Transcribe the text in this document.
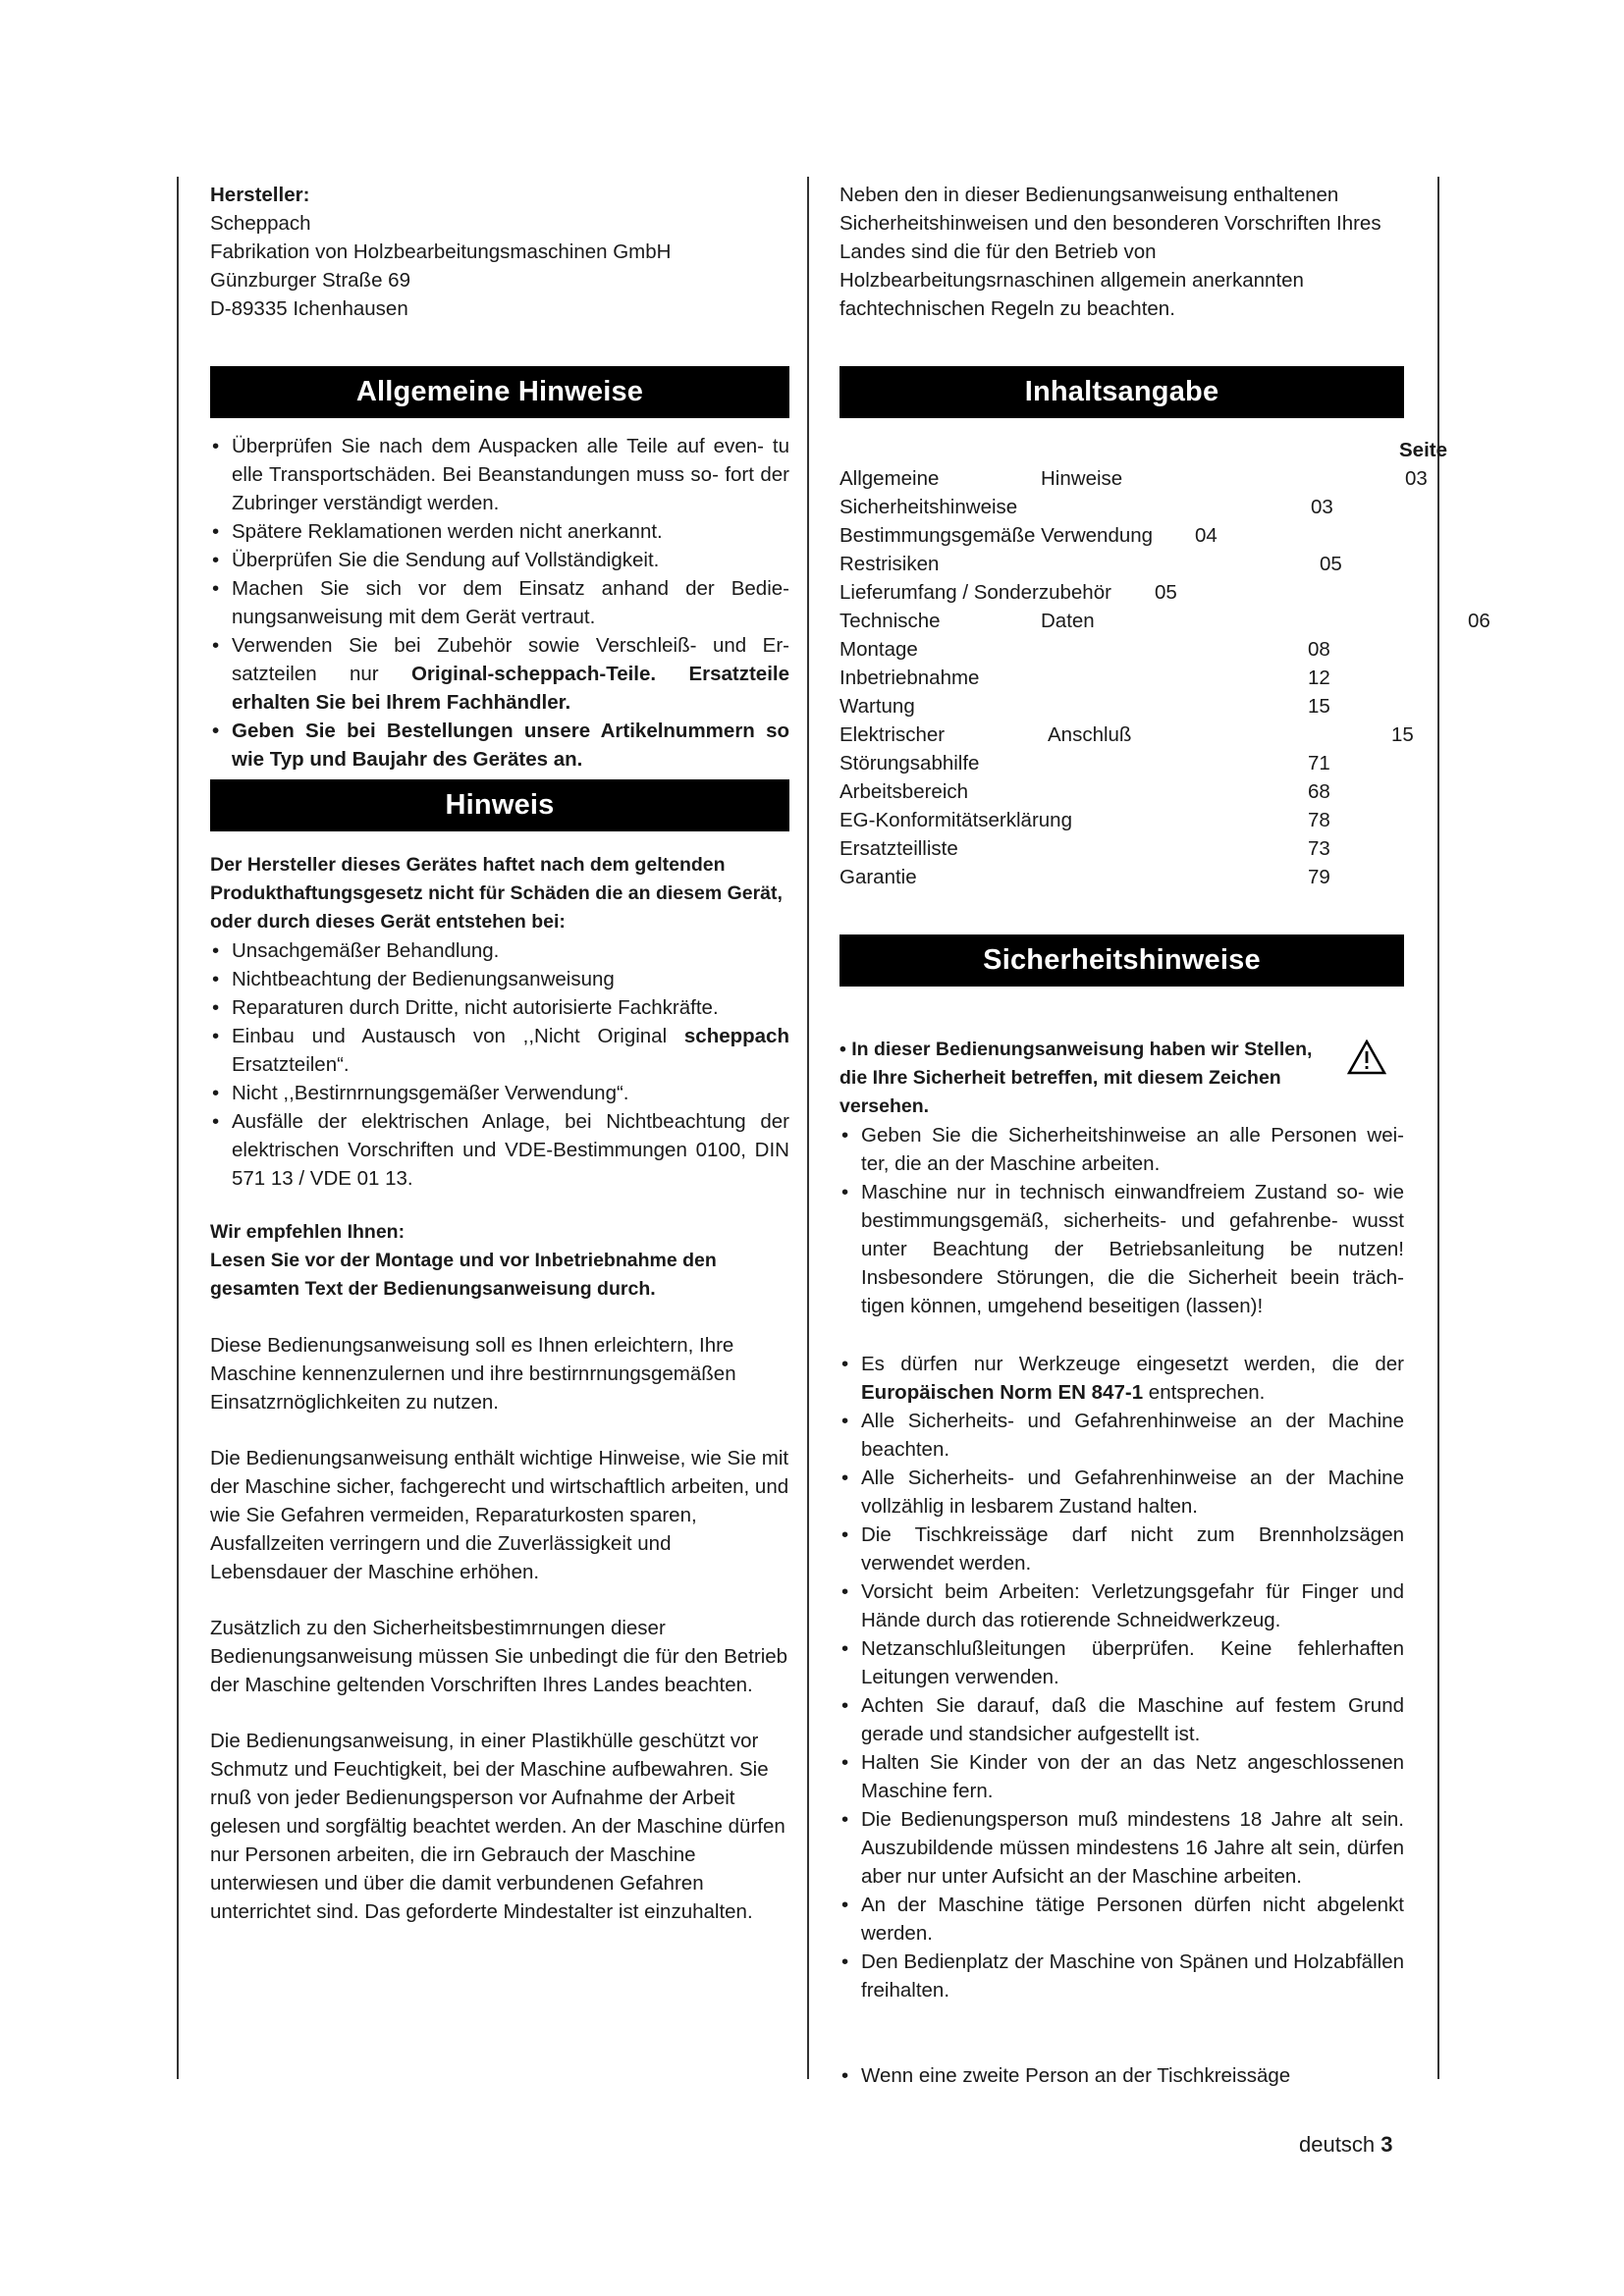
Hersteller:
Scheppach
Fabrikation von Holzbearbeitungsmaschinen GmbH
Günzburger Straße 69
D-89335 Ichenhausen
Allgemeine Hinweise
• Überprüfen Sie nach dem Auspacken alle Teile auf even- tu elle Transportschäden. Bei Beanstandungen muss so- fort der Zubringer verständigt werden.
• Spätere Reklamationen werden nicht anerkannt.
• Überprüfen Sie die Sendung auf Vollständigkeit.
• Machen Sie sich vor dem Einsatz anhand der Bedie- nungsanweisung mit dem Gerät vertraut.
• Verwenden Sie bei Zubehör sowie Verschleiß- und Er- satzteilen nur Original-scheppach-Teile. Ersatzteile erhalten Sie bei Ihrem Fachhändler.
• Geben Sie bei Bestellungen unsere Artikelnummern so wie Typ und Baujahr des Gerätes an.
Hinweis

Der Hersteller dieses Gerätes haftet nach dem geltenden Produkthaftungsgesetz nicht für Schäden die an diesem Gerät, oder durch dieses Gerät entstehen bei:

• Unsachgemäßer Behandlung.
• Nichtbeachtung der Bedienungsanweisung
• Reparaturen durch Dritte, nicht autorisierte Fachkräfte.
• Einbau und Austausch von ,,Nicht Original scheppach Ersatzteilen“.
• Nicht ,,Bestirnrnungsgemäßer Verwendung“.
• Ausfälle der elektrischen Anlage, bei Nichtbeachtung der elektrischen Vorschriften und VDE-Bestimmungen 0100, DIN 571 13 / VDE 01 13.

Wir empfehlen Ihnen:

Lesen Sie vor der Montage und vor Inbetriebnahme den gesamten Text der Bedienungsanweisung durch.

Diese Bedienungsanweisung soll es Ihnen erleichtern, Ihre Maschine kennenzulernen und ihre bestirnrnungsgemäßen Einsatzrnöglichkeiten zu nutzen.

Die Bedienungsanweisung enthält wichtige Hinweise, wie Sie mit der Maschine sicher, fachgerecht und wirtschaftlich arbeiten, und wie Sie Gefahren vermeiden, Reparaturkosten sparen, Ausfallzeiten verringern und die Zuverlässigkeit und Lebensdauer der Maschine erhöhen.

Zusätzlich zu den Sicherheitsbestimrnungen dieser Bedienungsanweisung müssen Sie unbedingt die für den Betrieb der Maschine geltenden Vorschriften Ihres Landes beachten.

Die Bedienungsanweisung, in einer Plastikhülle geschützt vor Schmutz und Feuchtigkeit, bei der Maschine aufbewahren. Sie rnuß von jeder Bedienungsperson vor Aufnahme der Arbeit gelesen und sorgfältig beachtet werden. An der Maschine dürfen nur Personen arbeiten, die irn Gebrauch der Maschine unterwiesen und über die damit verbundenen Gefahren unterrichtet sind. Das geforderte Mindestalter ist einzuhalten.

Neben den in dieser Bedienungsanweisung enthaltenen Sicherheitshinweisen und den besonderen Vorschriften Ihres Landes sind die für den Betrieb von Holzbearbeitungsrnaschinen allgemein anerkannten fachtechnischen Regeln zu beachten.

Inhaltsangabe
Seite
Allgemeine	Hinweise	03
Sicherheitshinweise	03
Bestimmungsgemäße Verwendung 04
Restrisiken	05
Lieferumfang / Sonderzubehör 05
Technische	Daten	06
Montage	08
Inbetriebnahme	12
Wartung	15
Elektrischer	Anschluß	15
Störungsabhilfe	71
Arbeitsbereich	68
EG-Konformitätserklärung	78
Ersatzteilliste	73
Garantie	79
Sicherheitshinweise

• In dieser Bedienungsanweisung haben wir Stellen, die Ihre Sicherheit betreffen, mit diesem Zeichen versehen.

• Geben Sie die Sicherheitshinweise an alle Personen wei- ter, die an der Maschine arbeiten.
• Maschine nur in technisch einwandfreiem Zustand so- wie bestimmungsgemäß, sicherheits- und gefahrenbe- wusst unter Beachtung der Betriebsanleitung be nutzen! Insbesondere Störungen, die die Sicherheit beein träch- tigen können, umgehend beseitigen (lassen)!
• Es dürfen nur Werkzeuge eingesetzt werden, die der Europäischen Norm EN 847-1 entsprechen.
• Alle Sicherheits- und Gefahrenhinweise an der Machine beachten.
• Alle Sicherheits- und Gefahrenhinweise an der Machine vollzählig in lesbarem Zustand halten.
• Die Tischkreissäge darf nicht zum Brennholzsägen verwendet werden.
• Vorsicht beim Arbeiten: Verletzungsgefahr für Finger und Hände durch das rotierende Schneidwerkzeug.
• Netzanschlußleitungen überprüfen. Keine fehlerhaften Leitungen verwenden.
• Achten Sie darauf, daß die Maschine auf festem Grund gerade und standsicher aufgestellt ist.
• Halten Sie Kinder von der an das Netz angeschlossenen Maschine fern.
• Die Bedienungsperson muß mindestens 18 Jahre alt sein. Auszubildende müssen mindestens 16 Jahre alt sein, dürfen aber nur unter Aufsicht an der Maschine arbeiten.
• An der Maschine tätige Personen dürfen nicht abgelenkt werden.
• Den Bedienplatz der Maschine von Spänen und Holzabfällen freihalten.
• Wenn eine zweite Person an der Tischkreissäge
deutsch 3
